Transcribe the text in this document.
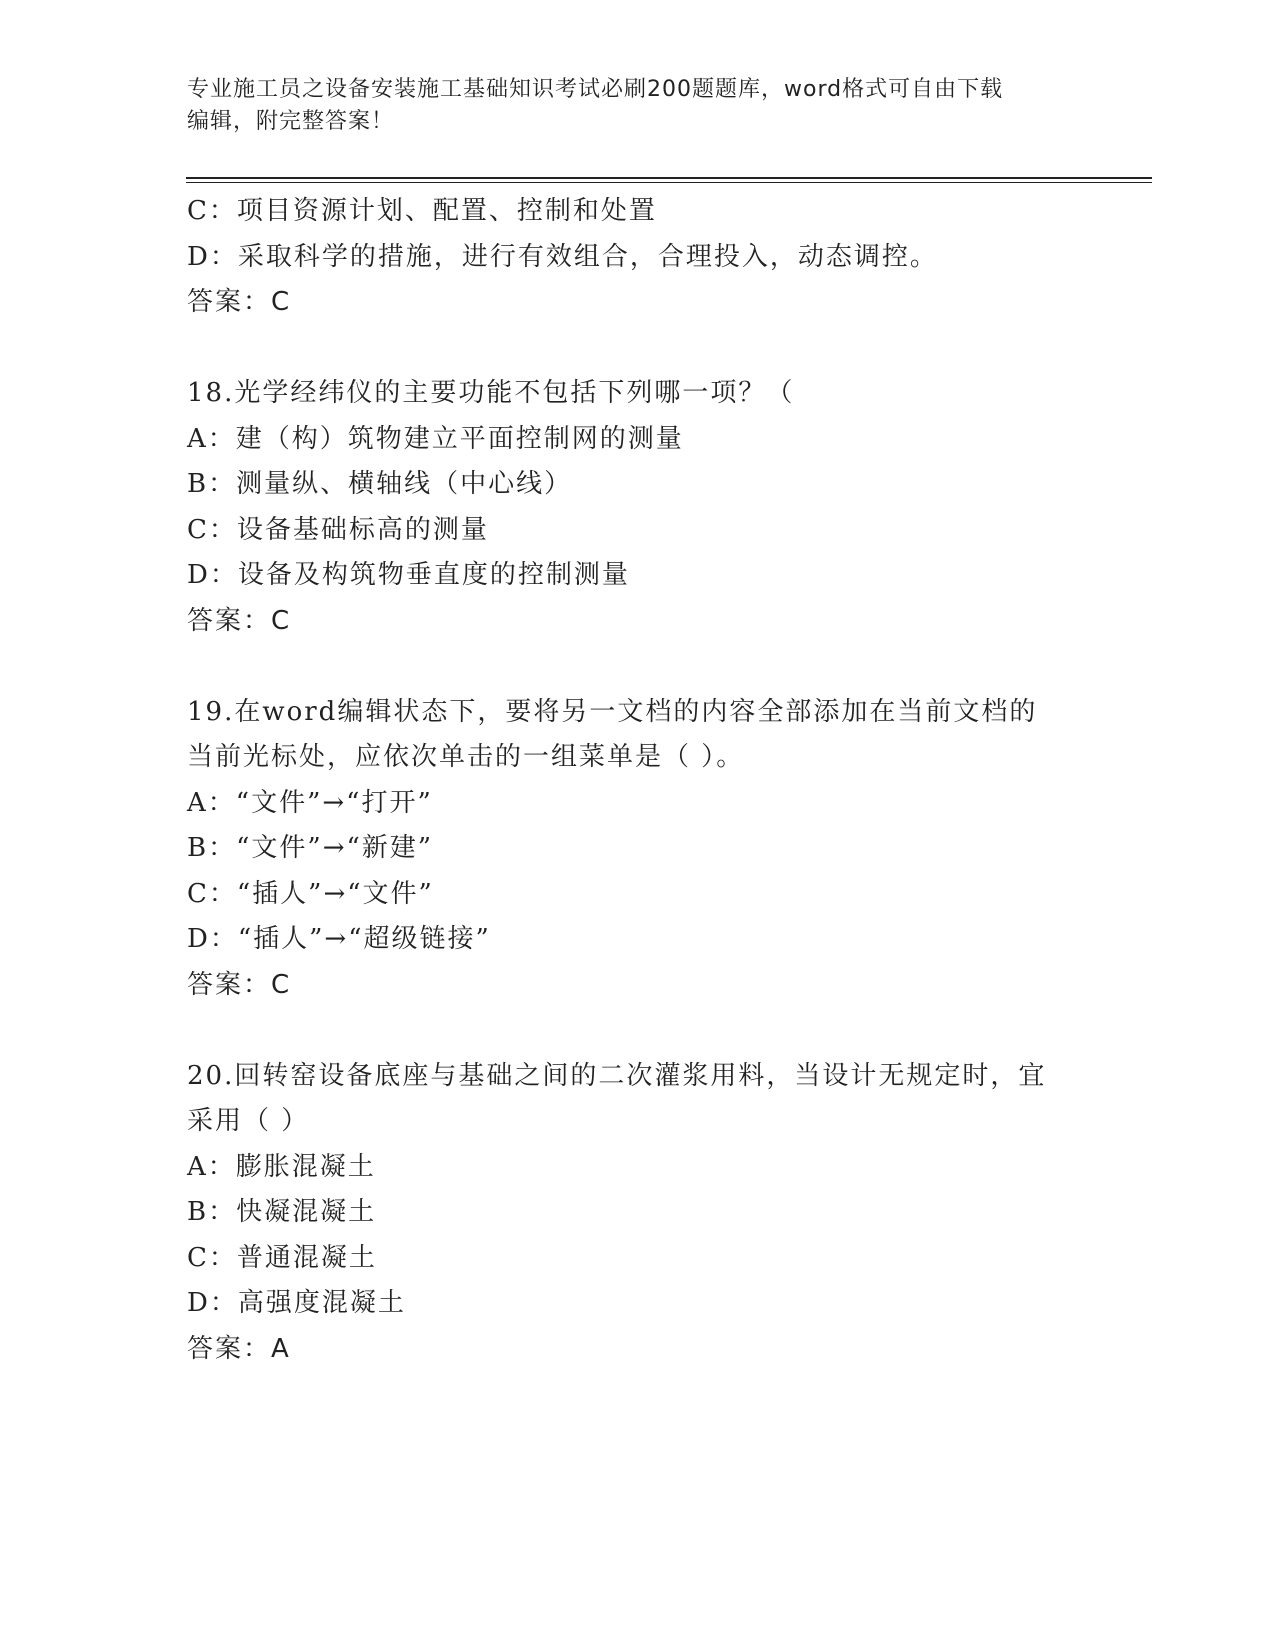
专业施工员之设备安装施工基础知识考试必刷200题题库，word格式可自由下载
编辑，附完整答案！
C：项目资源计划、配置、控制和处置
D：采取科学的措施，进行有效组合，合理投入，动态调控。
答案：C
18.光学经纬仪的主要功能不包括下列哪一项？（
A：建（构）筑物建立平面控制网的测量
B：测量纵、横轴线（中心线）
C：设备基础标高的测量
D：设备及构筑物垂直度的控制测量
答案：C
19.在word编辑状态下，要将另一文档的内容全部添加在当前文档的
当前光标处，应依次单击的一组菜单是（ ）。
A：“文件”→“打开”
B：“文件”→“新建”
C：“插人”→“文件”
D：“插人”→“超级链接”
答案：C
20.回转窑设备底座与基础之间的二次灌浆用料，当设计无规定时，宜
采用（ ）
A：膨胀混凝土
B：快凝混凝土
C：普通混凝土
D：高强度混凝土
答案：A
